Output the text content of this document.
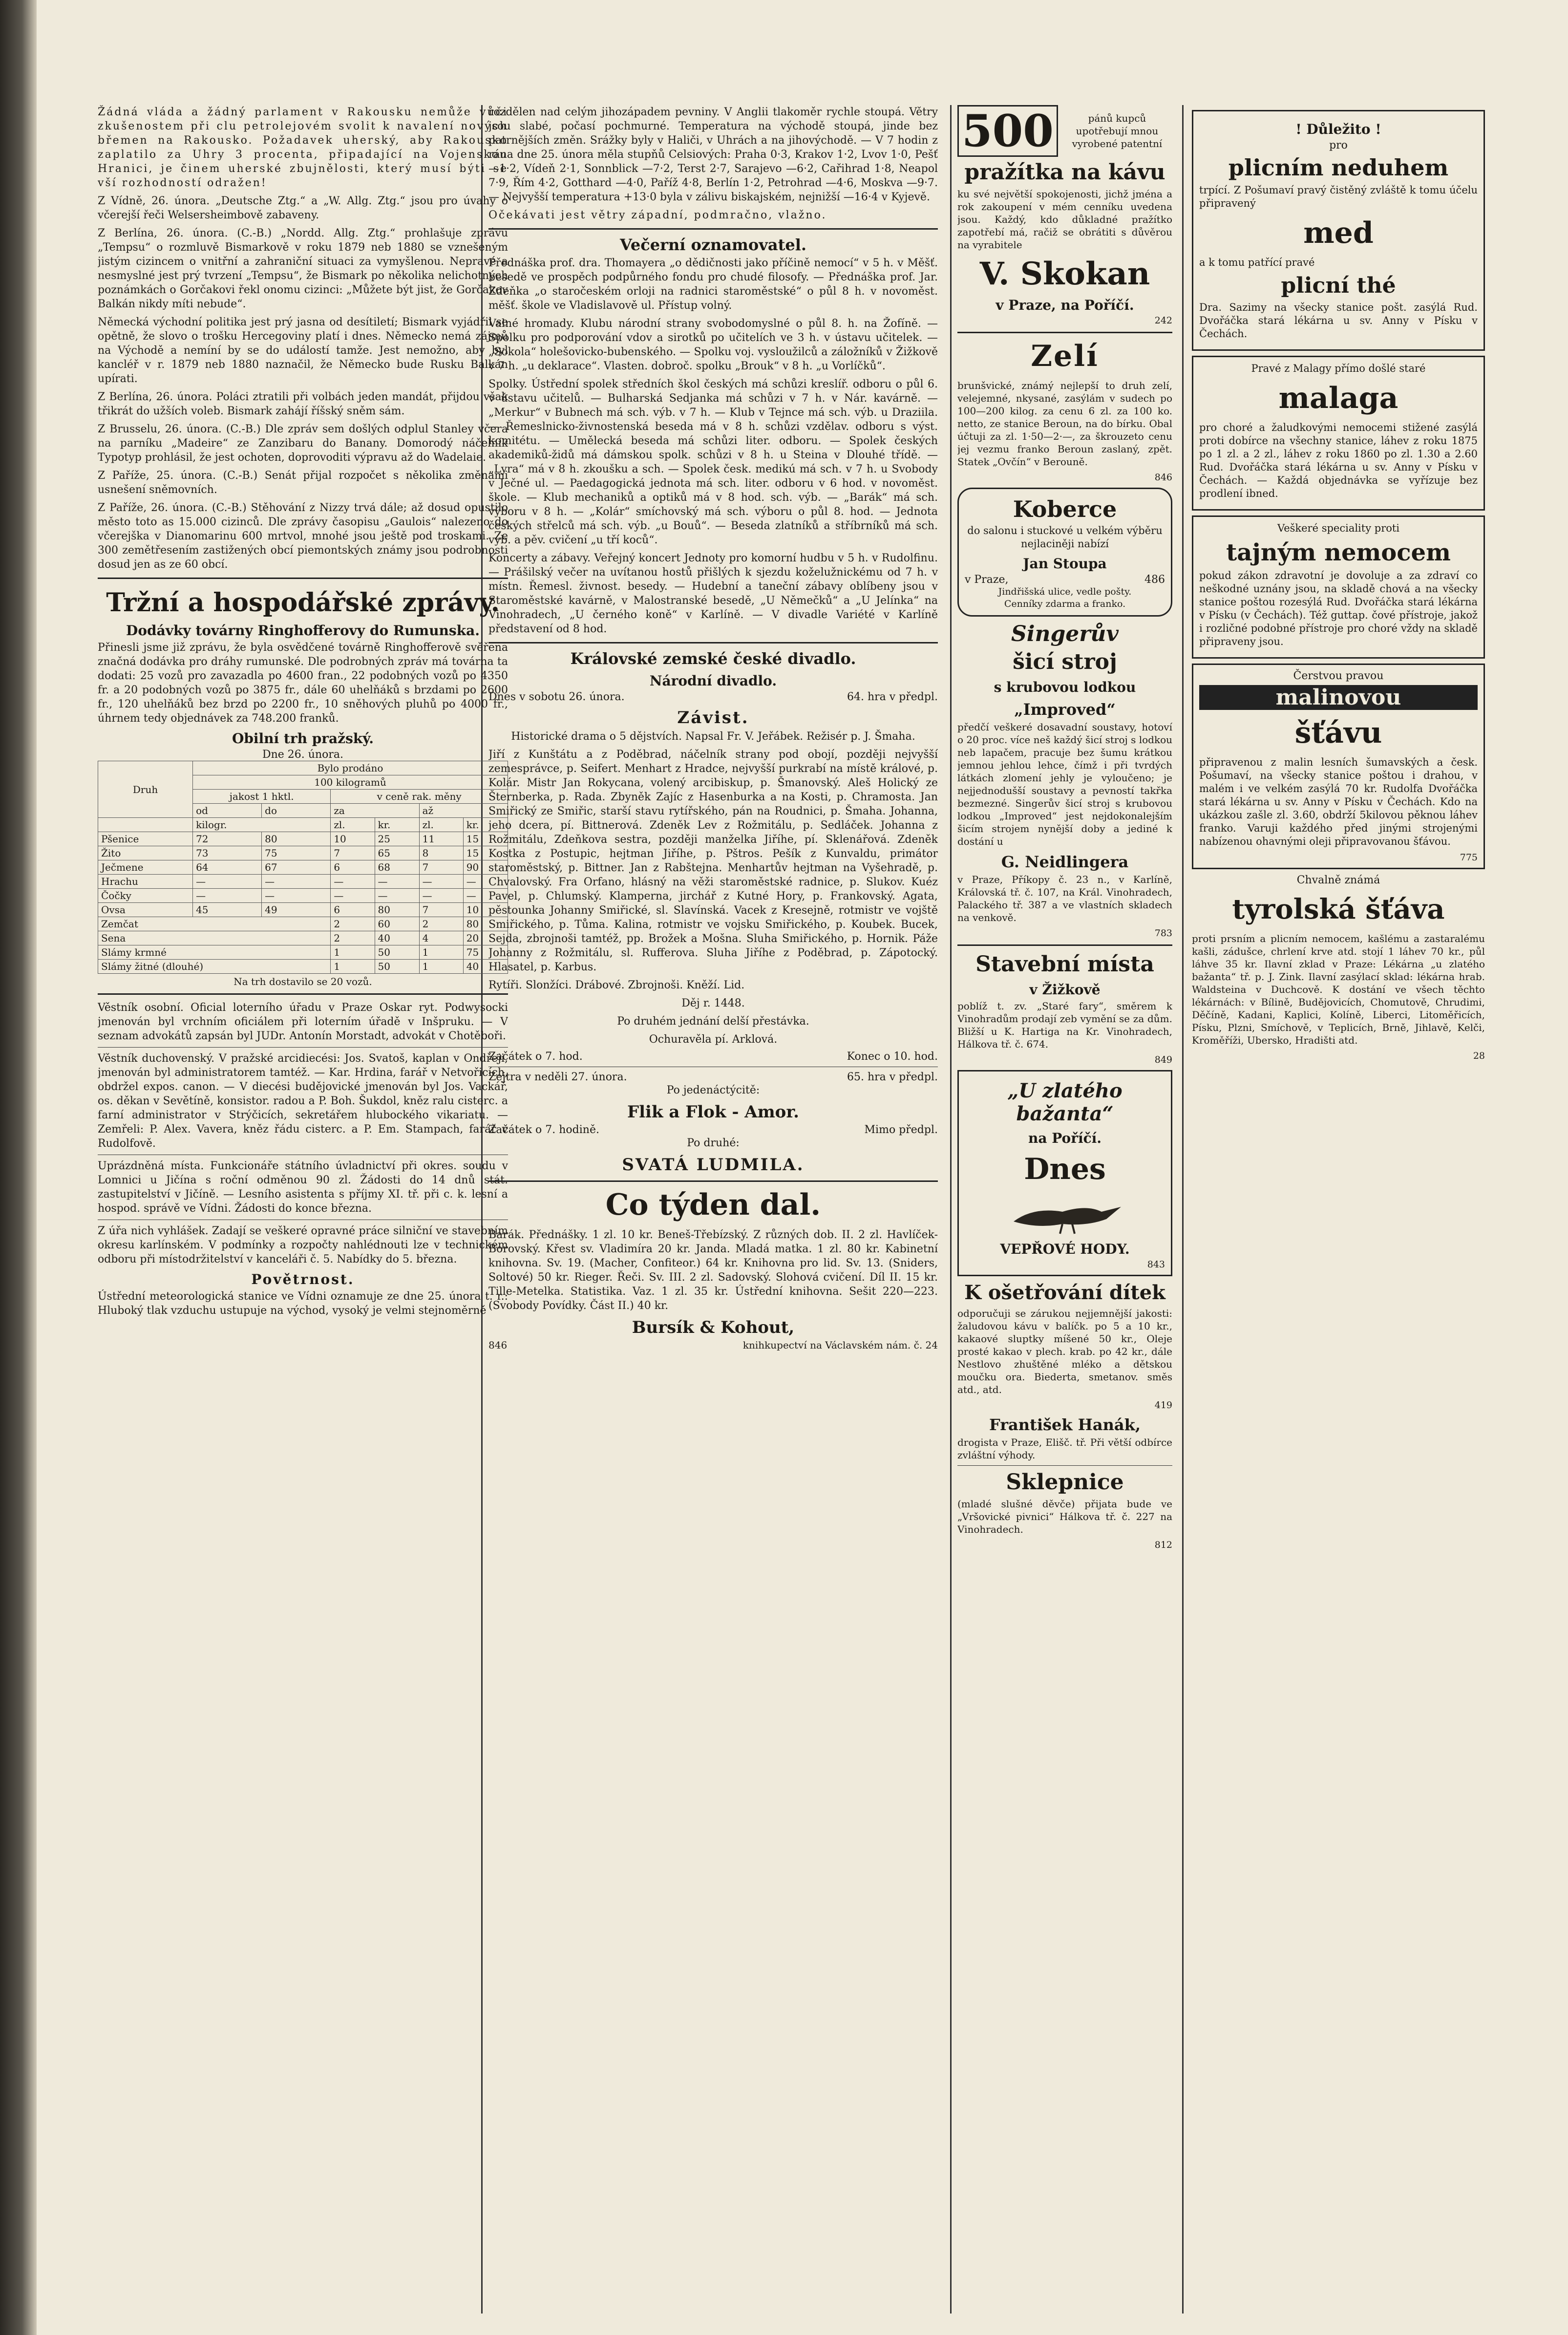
Žádná vláda a žádný parlament v Rakousku nemůže vůči zkušenostem při clu petrolejovém svolit k navalení nových břemen na Rakousko. Požadavek uherský, aby Rakousko zaplatilo za Uhry 3 procenta, připadající na Vojenskou Hranici, je činem uherské zbujnělosti, který musí býti se vší rozhodností odražen!

Z Vídně, 26. února. „Deutsche Ztg.“ a „W. Allg. Ztg.“ jsou pro úvahy o včerejší řeči Welsersheimbově zabaveny.

Z Berlína, 26. února. (C.-B.) „Nordd. Allg. Ztg.“ prohlašuje zprávu „Tempsu“ o rozmluvě Bismarkově v roku 1879 neb 1880 se vznešeným jistým cizincem o vnitřní a zahraniční situaci za vymyšlenou. Nepravé a nesmyslné jest prý tvrzení „Tempsu“, že Bismark po několika nelichotných poznámkách o Gorčakovi řekl onomu cizinci: „Můžete být jist, že Gorčakov Balkán nikdy míti nebude“.

Německá východní politika jest prý jasna od desítiletí; Bismark vyjádřil se opětně, že slovo o trošku Hercegoviny platí i dnes. Německo nemá zájmů na Východě a nemíní by se do událostí tamže. Jest nemožno, aby byl kancléř v r. 1879 neb 1880 naznačil, že Německo bude Rusku Balkán upírati.

Z Berlína, 26. února. Poláci ztratili při volbách jeden mandát, přijdou však třikrát do užších voleb. Bismark zahájí říšský sněm sám.

Z Brusselu, 26. února. (C.-B.) Dle zpráv sem došlých odplul Stanley včera na parníku „Madeire“ ze Zanzibaru do Banany. Domorodý náčelník Typotyp prohlásil, že jest ochoten, doprovoditi výpravu až do Wadelaie.

Z Paříže, 25. února. (C.-B.) Senát přijal rozpočet s několika změnami usnešení sněmovních.

Z Paříže, 26. února. (C.-B.) Stěhování z Nizzy trvá dále; až dosud opustilo město toto as 15.000 cizinců. Dle zprávy časopisu „Gaulois“ nalezeno do včerejška v Dianomarinu 600 mrtvol, mnohé jsou ještě pod troskami. Ze 300 zemětřesením zastižených obcí piemontských známy jsou podrobnosti dosud jen as ze 60 obcí.

Tržní a hospodářské zprávy.
Dodávky továrny Ringhofferovy do Rumunska.

Přinesli jsme již zprávu, že byla osvědčené továrně Ringhofferově svěřena značná dodávka pro dráhy rumunské. Dle podrobných zpráv má továrna ta dodati: 25 vozů pro zavazadla po 4600 fran., 22 podobných vozů po 4350 fr. a 20 podobných vozů po 3875 fr., dále 60 uhelňáků s brzdami po 2600 fr., 120 uhelňáků bez brzd po 2200 fr., 10 sněhových pluhů po 4000 fr., úhrnem tedy objednávek za 748.200 franků.

Obilní trh pražský.
Dne 26. února.
Druh	Bylo prodáno					
	100 kilogramů					
	jakost 1 hktl.		v ceně rak. měny			
	od	do	za		až	
	kilogr.		zl.	kr.	zl.	kr.
Pšenice	72	80	10	25	11	15
Žito	73	75	7	65	8	15
Ječmene	64	67	6	68	7	90
Hrachu	—	—	—	—	—	—
Čočky	—	—	—	—	—	—
Ovsa	45	49	6	80	7	10
Zemčat			2	60	2	80
Sena			2	40	4	20
Slámy krmné			1	50	1	75
Slámy žitné (dlouhé)			1	50	1	40
Na trh dostavilo se 20 vozů.

Věstník osobní. Oficial loterního úřadu v Praze Oskar ryt. Podwysocki jmenován byl vrchním oficiálem při loterním úřadě v Inšpruku. — V seznam advokátů zapsán byl JUDr. Antonín Morstadt, advokát v Chotěboři.

Věstník duchovenský. V pražské arcidiecési: Jos. Svatoš, kaplan v Ondřeji, jmenován byl administratorem tamtéž. — Kar. Hrdina, farář v Netvořicích, obdržel expos. canon. — V diecési budějovické jmenován byl Jos. Vackář, os. děkan v Sevětíně, konsistor. radou a P. Boh. Šukdol, kněz ralu cisterc. a farní administrator v Strýčicích, sekretářem hlubockého vikariatu. — Zemřeli: P. Alex. Vavera, kněz řádu cisterc. a P. Em. Stampach, farář v Rudolfově.

Uprázdněná místa. Funkcionáře státního úvladnictví při okres. soudu v Lomnici u Jičína s roční odměnou 90 zl. Žádosti do 14 dnů stát. zastupitelství v Jičíně. — Lesního asistenta s příjmy XI. tř. při c. k. lesní a hospod. správě ve Vídni. Žádosti do konce března.

Z úřa nich vyhlášek. Zadají se veškeré opravné práce silniční ve stavebním okresu karlínském. V podmínky a rozpočty nahlédnouti lze v technickém odboru při místodržitelství v kanceláři č. 5. Nabídky do 5. března.

Povětrnost.

Ústřední meteorologická stanice ve Vídni oznamuje ze dne 25. února t. r.: Hluboký tlak vzduchu ustupuje na východ, vysoký je velmi stejnoměrně

rozdělen nad celým jihozápadem pevniny. V Anglii tlakoměr rychle stoupá. Větry jsou slabé, počasí pochmurné. Temperatura na východě stoupá, jinde bez patrnějších změn. Srážky byly v Haliči, v Uhrách a na jihovýchodě. — V 7 hodin z rána dne 25. února měla stupňů Celsiových: Praha 0·3, Krakov 1·2, Lvov 1·0, Pešť —1·2, Vídeň 2·1, Sonnblick —7·2, Terst 2·7, Sarajevo —6·2, Cařihrad 1·8, Neapol 7·9, Řím 4·2, Gotthard —4·0, Paříž 4·8, Berlín 1·2, Petrohrad —4·6, Moskva —9·7. — Nejvyšší temperatura +13·0 byla v zálivu biskajském, nejnižší —16·4 v Kyjevě.

Očekávati jest větry západní, podmračno, vlažno.

Večerní oznamovatel.

Přednáška prof. dra. Thomayera „o dědičnosti jako příčině nemocí“ v 5 h. v Měšť. besedě ve prospěch podpůrného fondu pro chudé filosofy. — Přednáška prof. Jar. Zdeňka „o staročeském orloji na radnici staroměstské“ o půl 8 h. v novoměst. měšť. škole ve Vladislavově ul. Přístup volný.

Valné hromady. Klubu národní strany svobodomyslné o půl 8. h. na Žofíně. — Spolku pro podporování vdov a sirotků po učitelích ve 3 h. v ústavu učitelek. — „Sokola“ holešovicko-bubenského. — Spolku voj. vysloužilců a záložníků v Žižkově v 7 h. „u deklarace“. Vlasten. dobroč. spolku „Brouk“ v 8 h. „u Vorlíčků“.

Spolky. Ústřední spolek středních škol českých má schůzi kreslíř. odboru o půl 6. v ústavu učitelů. — Bulharská Sedjanka má schůzi v 7 h. v Nár. kavárně. — „Merkur“ v Bubnech má sch. výb. v 7 h. — Klub v Tejnce má sch. výb. u Draziila. — Řemeslnicko-živnostenská beseda má v 8 h. schůzi vzdělav. odboru s výst. komitétu. — Umělecká beseda má schůzi liter. odboru. — Spolek českých akademiků-židů má dámskou spolk. schůzi v 8 h. u Steina v Dlouhé třídě. — „Lyra“ má v 8 h. zkoušku a sch. — Spolek česk. medikú má sch. v 7 h. u Svobody v Ječné ul. — Paedagogická jednota má sch. liter. odboru v 6 hod. v novoměst. škole. — Klub mechaniků a optiků má v 8 hod. sch. výb. — „Barák“ má sch. výboru v 8 h. — „Kolár“ smíchovský má sch. výboru o půl 8. hod. — Jednota českých střelců má sch. výb. „u Bouů“. — Beseda zlatníků a stříbrníků má sch. výb. a pěv. cvičení „u tří koců“.

Koncerty a zábavy. Veřejný koncert Jednoty pro komorní hudbu v 5 h. v Rudolfinu. — Prášilský večer na uvítanou hostů přišlých k sjezdu koželužnickému od 7 h. v místn. Řemesl. živnost. besedy. — Hudební a taneční zábavy oblíbeny jsou v Staroměstské kavárně, v Malostranské besedě, „U Němečků“ a „U Jelínka“ na Vinohradech, „U černého koně“ v Karlíně. — V divadle Variété v Karlíně představení od 8 hod.

Královské zemské české divadlo.
Národní divadlo.
Dnes v sobotu 26. února.	64. hra v předpl.
Závist.

Historické drama o 5 dějstvích. Napsal Fr. V. Jeřábek. Režisér p. J. Šmaha.

Jiří z Kunštátu a z Poděbrad, náčelník strany pod obojí, později nejvyšší zemesprávce, p. Seifert. Menhart z Hradce, nejvyšší purkrabí na místě králové, p. Kolár. Mistr Jan Rokycana, volený arcibiskup, p. Šmanovský. Aleš Holický ze Šternberka, p. Rada. Zbyněk Zajíc z Hasenburka a na Kosti, p. Chramosta. Jan Smiřický ze Smiřic, starší stavu rytířského, pán na Roudnici, p. Šmaha. Johanna, jeho dcera, pí. Bittnerová. Zdeněk Lev z Rožmitálu, p. Sedláček. Johanna z Rožmitálu, Zdeňkova sestra, později manželka Jiříhe, pí. Sklenářová. Zdeněk Kostka z Postupic, hejtman Jiříhe, p. Pštros. Pešík z Kunvaldu, primátor staroměstský, p. Bittner. Jan z Rabštejna. Menhartův hejtman na Vyšehradě, p. Chvalovský. Fra Orfano, hlásný na věži staroměstské radnice, p. Slukov. Kuéz Pavel, p. Chlumský. Klamperna, jirchář z Kutné Hory, p. Frankovský. Agata, pěstounka Johanny Smiřické, sl. Slavínská. Vacek z Kresejně, rotmistr ve vojště Smiřického, p. Tůma. Kalina, rotmistr ve vojsku Smiřického, p. Koubek. Bucek, Sejda, zbrojnoši tamtéž, pp. Brožek a Mošna. Sluha Smiřického, p. Hornik. Páže Johanny z Rožmitálu, sl. Rufferova. Sluha Jiříhe z Poděbrad, p. Zápotocký. Hlasatel, p. Karbus.

Rytíři. Slonžíci. Drábové. Zbrojnoši. Kněží. Lid.

Děj r. 1448.

Po druhém jednání delší přestávka.

Ochuravěla pí. Arklová.

Začátek o 7. hod.	Konec o 10. hod.
Zejtra v neděli 27. února.	65. hra v předpl.

Po jedenáctýcitě:

Flik a Flok - Amor.
Začátek o 7. hodině.	Mimo předpl.

Po druhé:

SVATÁ LUDMILA.
Co týden dal.

Barák. Přednášky. 1 zl. 10 kr. Beneš-Třebízský. Z různých dob. II. 2 zl. Havlíček-Borovský. Křest sv. Vladimíra 20 kr. Janda. Mladá matka. 1 zl. 80 kr. Kabinetní knihovna. Sv. 19. (Macher, Confiteor.) 64 kr. Knihovna pro lid. Sv. 13. (Sniders, Soltové) 50 kr. Rieger. Řeči. Sv. III. 2 zl. Sadovský. Slohová cvičení. Díl II. 15 kr. Tille-Metelka. Statistika. Vaz. 1 zl. 35 kr. Ústřední knihovna. Sešit 220—223. (Svobody Povídky. Část II.) 40 kr.

Bursík & Kohout,
846	knihkupectví na Václavském nám. č. 24
500	pánů kupců upotřebují mnou vyrobené patentní
pražítka na kávu

ku své největší spokojenosti, jichž jména a rok zakoupení v mém cenníku uvedena jsou. Každý, kdo důkladné pražítko zapotřebí má, račiž se obrátiti s důvěrou na vyrabitele

V. Skokan
v Praze, na Poříčí.
242
Zelí

brunšvické, známý nejlepší to druh zelí, velejemné, nkysané, zasýlám v sudech po 100—200 kilog. za cenu 6 zl. za 100 ko. netto, ze stanice Beroun, na do bírku. Obal účtuji za zl. 1·50—2·—, za škrouzeto cenu jej vezmu franko Beroun zaslaný, zpět. Statek „Ovčín“ v Berouně.

846
Koberce

do salonu i stuckové u velkém výběru nejlaciněji nabízí

Jan Stoupa
v Praze,	486
Jindřišská ulice, vedle pošty.
Cenníky zdarma a franko.
Singerův
šicí stroj
s krubovou lodkou
„Improved“

předčí veškeré dosavadní soustavy, hotoví o 20 proc. více neš každý šicí stroj s lodkou neb lapačem, pracuje bez šumu krátkou jemnou jehlou lehce, čímž i při tvrdých látkách zlomení jehly je vyloučeno; je nejjednodušší soustavy a pevností takřka bezmezné. Singerův šicí stroj s krubovou lodkou „Improved“ jest nejdokonalejším šicím strojem nynější doby a jediné k dostání u

G. Neidlingera

v Praze, Příkopy č. 23 n., v Karlíně, Královská tř. č. 107, na Král. Vinohradech, Palackého tř. 387 a ve vlastních skladech na venkově.

783
Stavební místa
v Žižkově

poblíž t. zv. „Staré fary“, směrem k Vinohradům prodají zeb vymění se za dům. Bližší u K. Hartiga na Kr. Vinohradech, Hálkova tř. č. 674.

849
„U zlatého bažanta“
na Poříčí.
Dnes
VEPŘOVÉ HODY.
843
K ošetřování dítek

odporučuji se zárukou nejjemnější jakosti: žaludovou kávu v balíčk. po 5 a 10 kr., kakaové sluptky míšené 50 kr., Oleje prosté kakao v plech. krab. po 42 kr., dále Nestlovo zhuštěné mléko a dětskou moučku ora. Biederta, smetanov. směs atd., atd.

419
František Hanák,

drogista v Praze, Elišč. tř. Při větší odbírce zvláštní výhody.

Sklepnice

(mladé slušné děvče) přijata bude ve „Vršovické pivnici“ Hálkova tř. č. 227 na Vinohradech.

812
! Důležito !
pro
plicním neduhem

trpící. Z Pošumaví pravý čistěný zvláště k tomu účelu připravený

med

a k tomu patřící pravé

plicní thé

Dra. Sazimy na všecky stanice pošt. zasýlá Rud. Dvořáčka stará lékárna u sv. Anny v Písku v Čechách.

Pravé z Malagy přímo došlé staré

malaga

pro choré a žaludkovými nemocemi stižené zasýlá proti dobírce na všechny stanice, láhev z roku 1875 po 1 zl. a 2 zl., láhev z roku 1860 po zl. 1.30 a 2.60 Rud. Dvořáčka stará lékárna u sv. Anny v Písku v Čechách. — Každá objednávka se vyřízuje bez prodlení ibned.

Veškeré speciality proti

tajným nemocem

pokud zákon zdravotní je dovoluje a za zdraví co neškodné uznány jsou, na skladě chová a na všecky stanice poštou rozesýlá Rud. Dvořáčka stará lékárna v Písku (v Čechách). Též guttap. čové přístroje, jakož i rozličné podobné přístroje pro choré vždy na skladě připraveny jsou.

Čerstvou pravou
malinovou
šťávu

připravenou z malin lesních šumavských a česk. Pošumaví, na všecky stanice poštou i drahou, v malém i ve velkém zasýlá 70 kr. Rudolfa Dvořáčka stará lékárna u sv. Anny v Písku v Čechách. Kdo na ukázkou zašle zl. 3.60, obdrží 5kilovou pěknou láhev franko. Varuji každého před jinými strojenými nabízenou ohavnými oleji připravovanou šťávou.

775
Chvalně známá
tyrolská šťáva

proti prsním a plicním nemocem, kašlému a zastaralému kašli, zádušce, chrlení krve atd. stojí 1 láhev 70 kr., půl láhve 35 kr. Ilavní zklad v Praze: Lékárna „u zlatého bažanta“ tř. p. J. Zink. Ilavní zasýlací sklad: lékárna hrab. Waldsteina v Duchcově. K dostání ve všech těchto lékárnách: v Bílině, Budějovicích, Chomutově, Chrudimi, Děčíně, Kadani, Kaplici, Kolíně, Liberci, Litoměřicích, Písku, Plzni, Smíchově, v Teplicích, Brně, Jihlavě, Kelči, Kroměříži, Ubersko, Hradišti atd.

28
